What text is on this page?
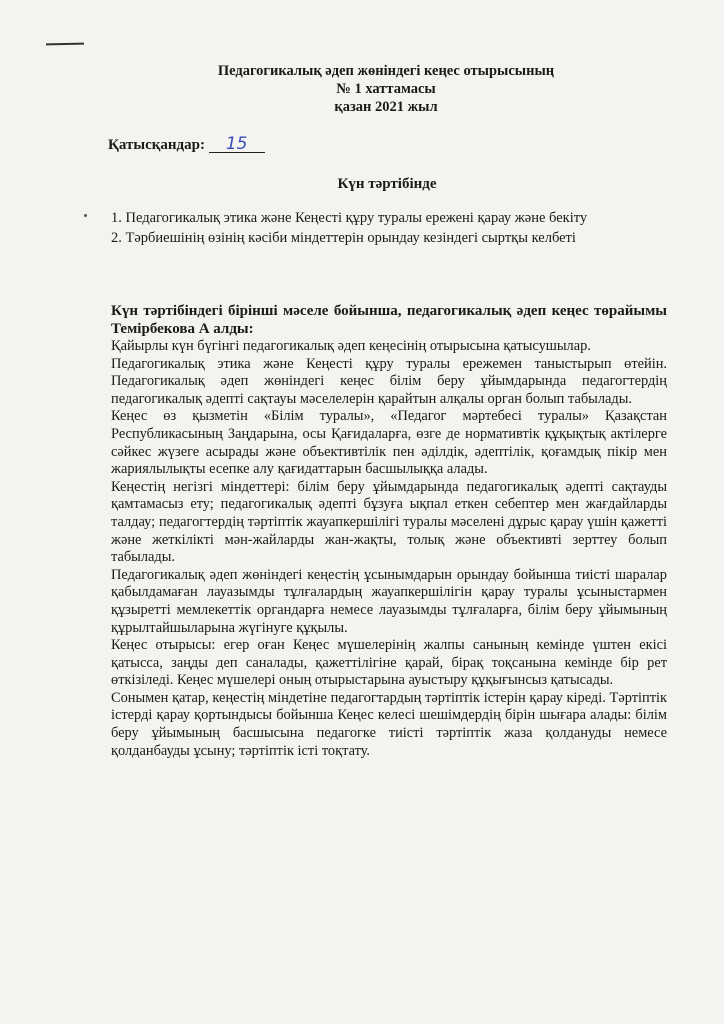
Педагогикалық әдеп жөніндегі кеңес отырысының
№ 1 хаттамасы
қазан 2021 жыл
Қатысқандар: 15
Күн тәртібінде
1. Педагогикалық этика және Кеңесті құру туралы ережені қарау және бекіту
2. Тәрбиешінің өзінің кәсіби міндеттерін орындау кезіндегі сыртқы келбеті
Күн тәртібіндегі бірінші мәселе бойынша, педагогикалық әдеп кеңес төрайымы Темірбекова А алды:
Қайырлы күн бүгінгі педагогикалық әдеп кеңесінің отырысына қатысушылар.
Педагогикалық этика және Кеңесті құру туралы ережемен таныстырып өтейін. Педагогикалық әдеп жөніндегі кеңес білім беру ұйымдарында педагогтердің педагогикалық әдепті сақтауы мәселелерін қарайтын алқалы орган болып табылады.
Кеңес өз қызметін «Білім туралы», «Педагог мәртебесі туралы» Қазақстан Республикасының Заңдарына, осы Қағидаларға, өзге де нормативтік құқықтық актілерге сәйкес жүзеге асырады және объективтілік пен әділдік, әдептілік, қоғамдық пікір мен жариялылықты есепке алу қағидаттарын басшылыққа алады.
Кеңестің негізгі міндеттері: білім беру ұйымдарында педагогикалық әдепті сақтауды қамтамасыз ету; педагогикалық әдепті бұзуға ықпал еткен себептер мен жағдайларды талдау; педагогтердің тәртіптік жауапкершілігі туралы мәселені дұрыс қарау үшін қажетті және жеткілікті мән-жайларды жан-жақты, толық және объективті зерттеу болып табылады.
Педагогикалық әдеп жөніндегі кеңестің ұсынымдарын орындау бойынша тиісті шаралар қабылдамаған лауазымды тұлғалардың жауапкершілігін қарау туралы ұсыныстармен құзыретті мемлекеттік органдарға немесе лауазымды тұлғаларға, білім беру ұйымының құрылтайшыларына жүгінуге құқылы.
Кеңес отырысы: егер оған Кеңес мүшелерінің жалпы санының кемінде үштен екісі қатысса, заңды деп саналады, қажеттілігіне қарай, бірақ тоқсанына кемінде бір рет өткізіледі. Кеңес мүшелері оның отырыстарына ауыстыру құқығынсыз қатысады.
Сонымен қатар, кеңестің міндетіне педагогтардың тәртіптік істерін қарау кіреді. Тәртіптік істерді қарау қортындысы бойынша Кеңес келесі шешімдердің бірін шығара алады: білім беру ұйымының басшысына педагогке тиісті тәртіптік жаза қолдануды немесе қолданбауды ұсыну; тәртіптік істі тоқтату.
